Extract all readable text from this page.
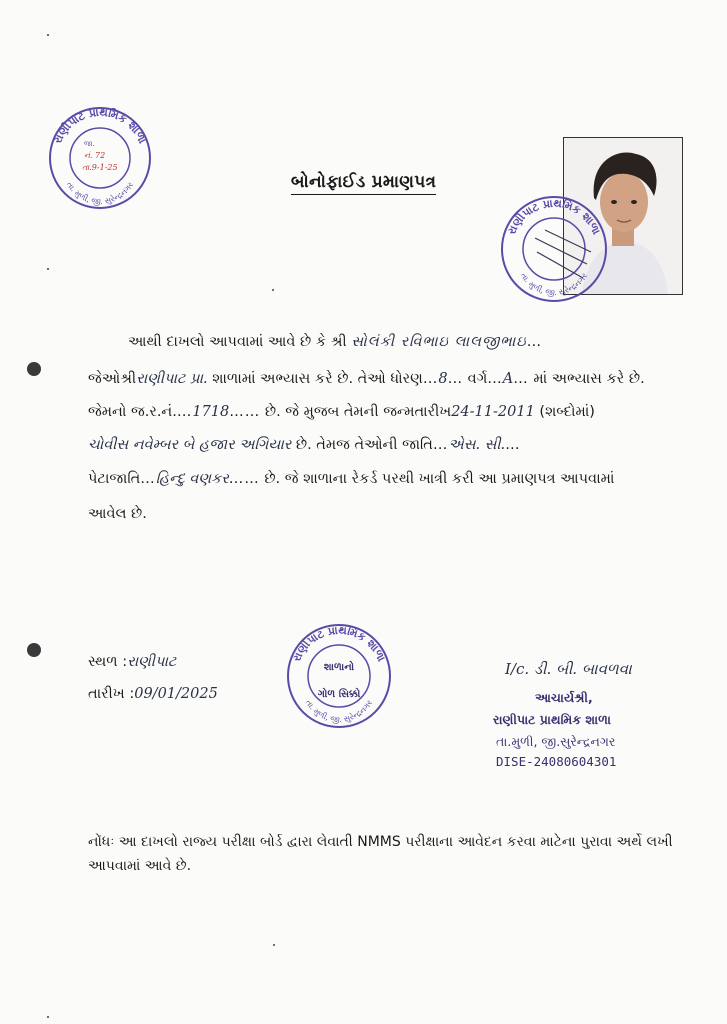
રાણીપાટ પ્રાથમિક શાળા
તા. મુળી, જી. સુરેન્દ્રનગર
જા.
નં. 72
તા.9-1-25
બોનોફાઈડ પ્રમાણપત્ર
રાણીપાટ પ્રાથમિક શાળા
તા. મુળી, જી. સુરેન્દ્રનગર
આથી દાખલો આપવામાં આવે છે કે શ્રી સોલંકી રવિભાઇ લાલજીભાઇ…
જેઓશ્રીરાણીપાટ પ્રા. શાળામાં અભ્યાસ કરે છે. તેઓ ધોરણ…8… વર્ગ…A… માં અભ્યાસ કરે છે.
જેમનો જ.ર.નં.…1718…… છે. જે મુજબ તેમની જન્મતારીખ24-11-2011 (શબ્દોમાં)
ચોવીસ નવેમ્બર બે હજાર અગિયાર છે. તેમજ તેઓની જાતિ…એસ. સી.…
પેટાજાતિ…હિન્દુ વણકર…… છે. જે શાળાના રેકર્ડ પરથી ખાત્રી કરી આ પ્રમાણપત્ર આપવામાં
આવેલ છે.
સ્થળ :રાણીપાટ
તારીખ :09/01/2025
રાણીપાટ પ્રાથમિક શાળા
તા. મુળી, જી. સુરેન્દ્રનગર
શાળાનો
ગોળ સિક્કો
I/c. ડી. બી. બાવળવા
આચાર્યશ્રી,
રાણીપાટ પ્રાથમિક શાળા
તા.મુળી, જી.સુરેન્દ્રનગર
DISE-24080604301
નોંધઃ આ દાખલો રાજ્ય પરીક્ષા બોર્ડ દ્વારા લેવાતી NMMS પરીક્ષાના આવેદન કરવા માટેના પુરાવા અર્થે લખી
આપવામાં આવે છે.
